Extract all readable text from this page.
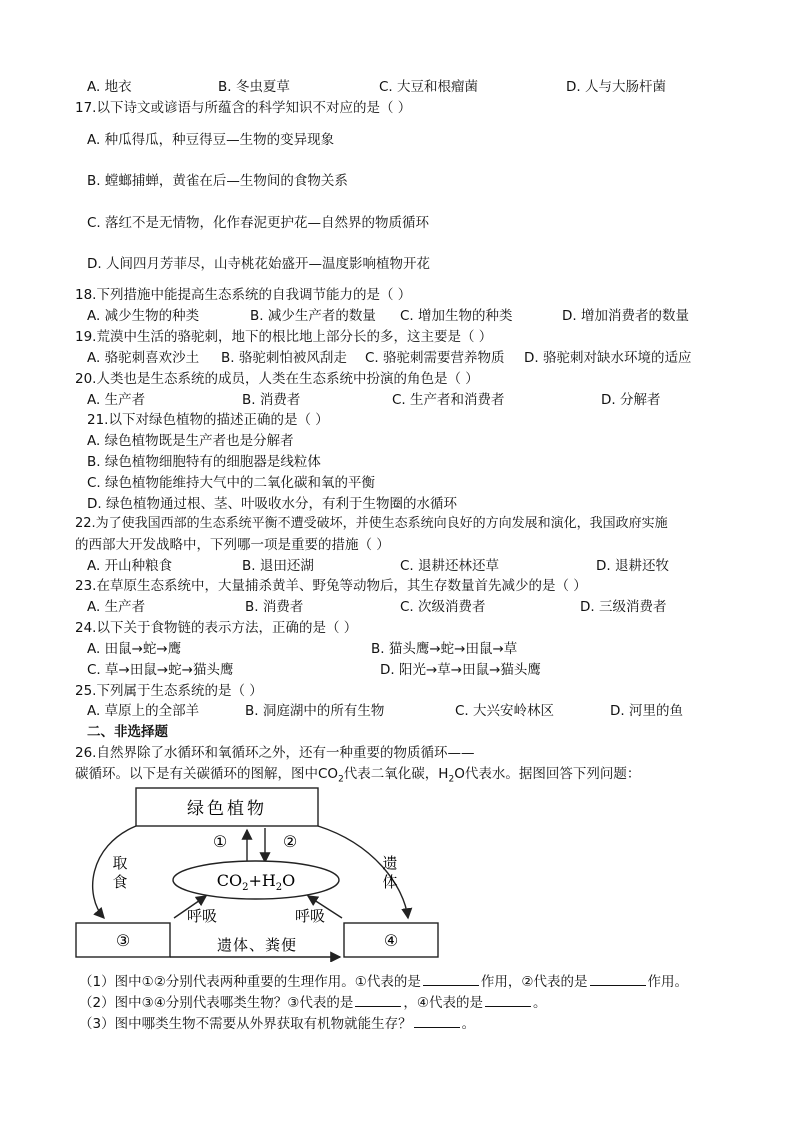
A. 地衣	B. 冬虫夏草	C. 大豆和根瘤菌	D. 人与大肠杆菌
17.以下诗文或谚语与所蕴含的科学知识不对应的是（ ）
A. 种瓜得瓜，种豆得豆—生物的变异现象
B. 螳螂捕蝉，黄雀在后—生物间的食物关系
C. 落红不是无情物，化作春泥更护花—自然界的物质循环
D. 人间四月芳菲尽，山寺桃花始盛开—温度影响植物开花
18.下列措施中能提高生态系统的自我调节能力的是（ ）
A. 减少生物的种类	B. 减少生产者的数量 C. 增加生物的种类	D. 增加消费者的数量
19.荒漠中生活的骆驼刺，地下的根比地上部分长的多，这主要是（ ）
A. 骆驼刺喜欢沙土 B. 骆驼刺怕被风刮走 C. 骆驼刺需要营养物质 D. 骆驼刺对缺水环境的适应
20.人类也是生态系统的成员，人类在生态系统中扮演的角色是（ ）
A. 生产者	B. 消费者	C. 生产者和消费者	D. 分解者
21.以下对绿色植物的描述正确的是（ ）
A. 绿色植物既是生产者也是分解者
B. 绿色植物细胞特有的细胞器是线粒体
C. 绿色植物能维持大气中的二氧化碳和氧的平衡
D. 绿色植物通过根、茎、叶吸收水分，有利于生物圈的水循环
22.为了使我国西部的生态系统平衡不遭受破坏，并使生态系统向良好的方向发展和演化，我国政府实施
的西部大开发战略中，下列哪一项是重要的措施（ ）
A. 开山种粮食	B. 退田还湖	C. 退耕还林还草	D. 退耕还牧
23.在草原生态系统中，大量捕杀黄羊、野兔等动物后，其生存数量首先减少的是（ ）
A. 生产者	B. 消费者	C. 次级消费者	D. 三级消费者
24.以下关于食物链的表示方法，正确的是（ ）
A. 田鼠→蛇→鹰	B. 猫头鹰→蛇→田鼠→草
C. 草→田鼠→蛇→猫头鹰	D. 阳光→草→田鼠→猫头鹰
25.下列属于生态系统的是（ ）
A. 草原上的全部羊	B. 洞庭湖中的所有生物	C. 大兴安岭林区	D. 河里的鱼
二、非选择题
26.自然界除了水循环和氧循环之外，还有一种重要的物质循环——
碳循环。以下是有关碳循环的图解，图中$CO_2$代表二氧化碳，$H_2O$代表水。据图回答下列问题：
绿色植物
①	②
$CO_2+H_2O$
取
食
遗
体
呼吸	呼吸
③	④
遗体、粪便
（1）图中①②分别代表两种重要的生理作用。①代表的是	作用，②代表的是	作用。
（2）图中③④分别代表哪类生物？③代表的是	，④代表的是	。
（3）图中哪类生物不需要从外界获取有机物就能生存？	。
